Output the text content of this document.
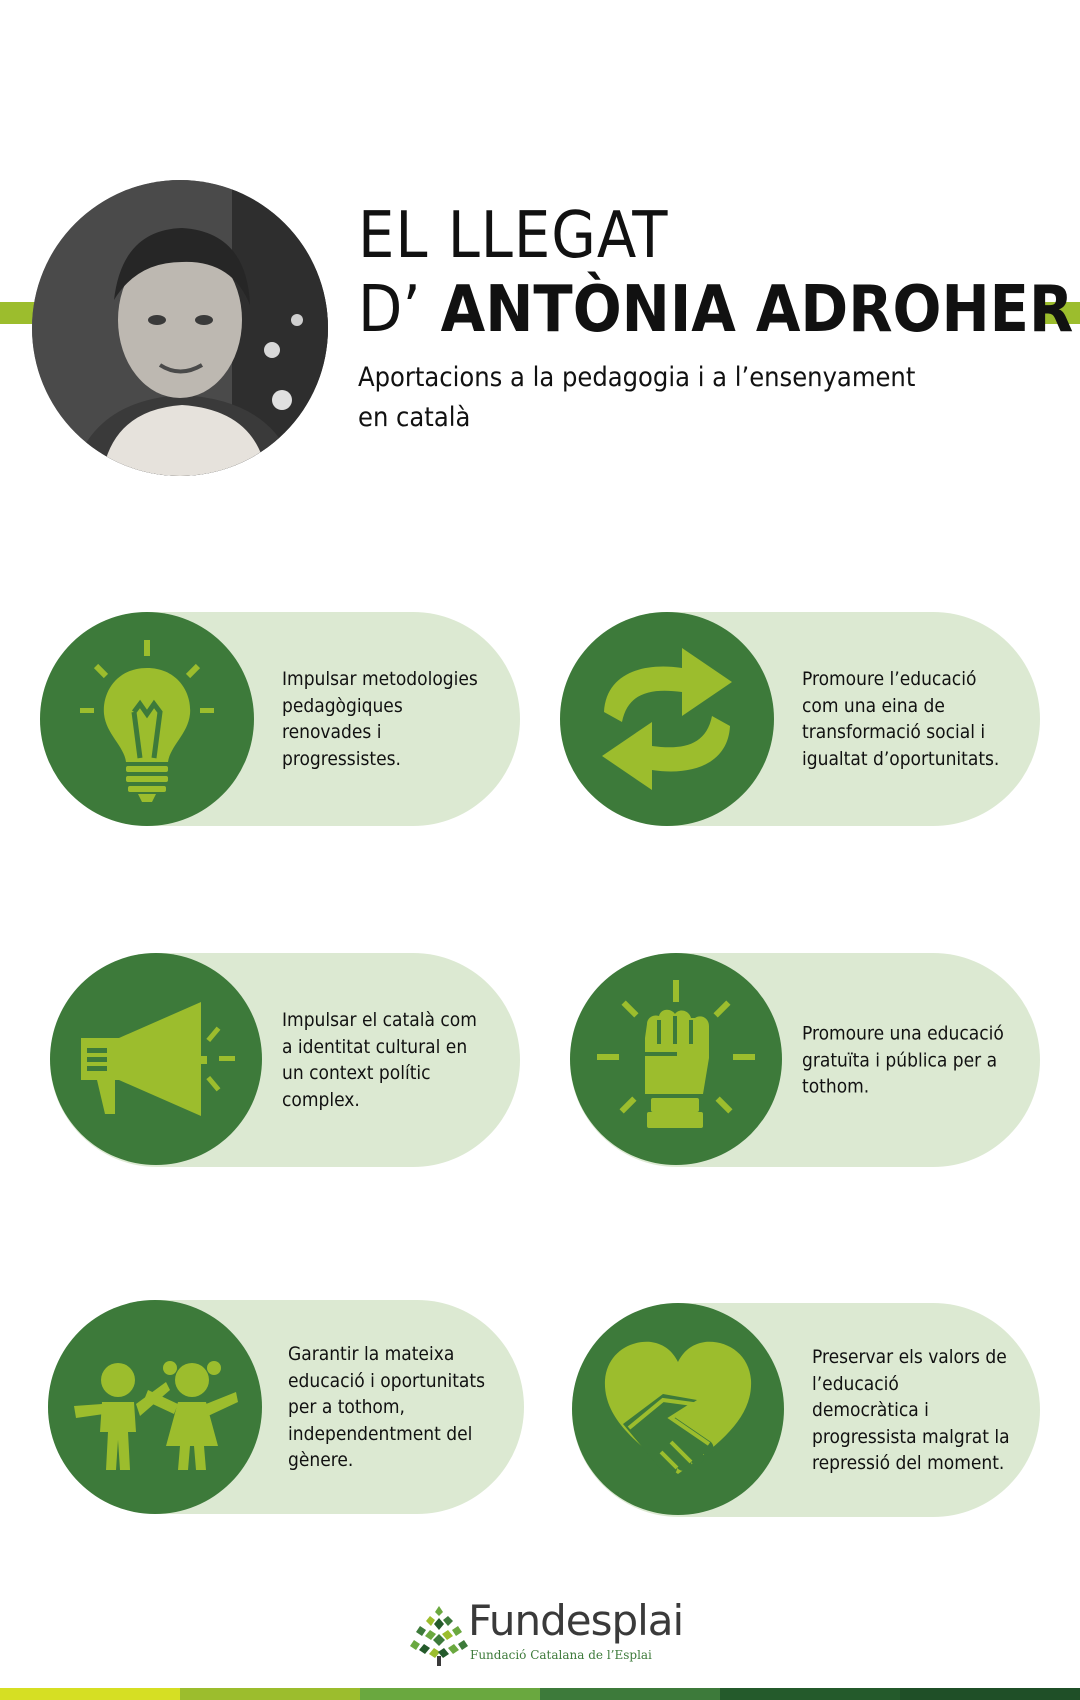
EL LLEGAT
D’ ANTÒNIA ADROHER
Aportacions a la pedagogia i a l’ensenyament en català
Impulsar metodologies pedagògiques renovades i progressistes.
Promoure l’educació com una eina de transformació social i igualtat d’oportunitats.
Impulsar el català com a identitat cultural en un context polític complex.
Promoure una educació gratuïta i pública per a tothom.
Garantir la mateixa educació i oportunitats per a tothom, independentment del gènere.
Preservar els valors de l’educació democràtica i progressista malgrat la repressió del moment.
Fundesplai
Fundació Catalana de l’Esplai
